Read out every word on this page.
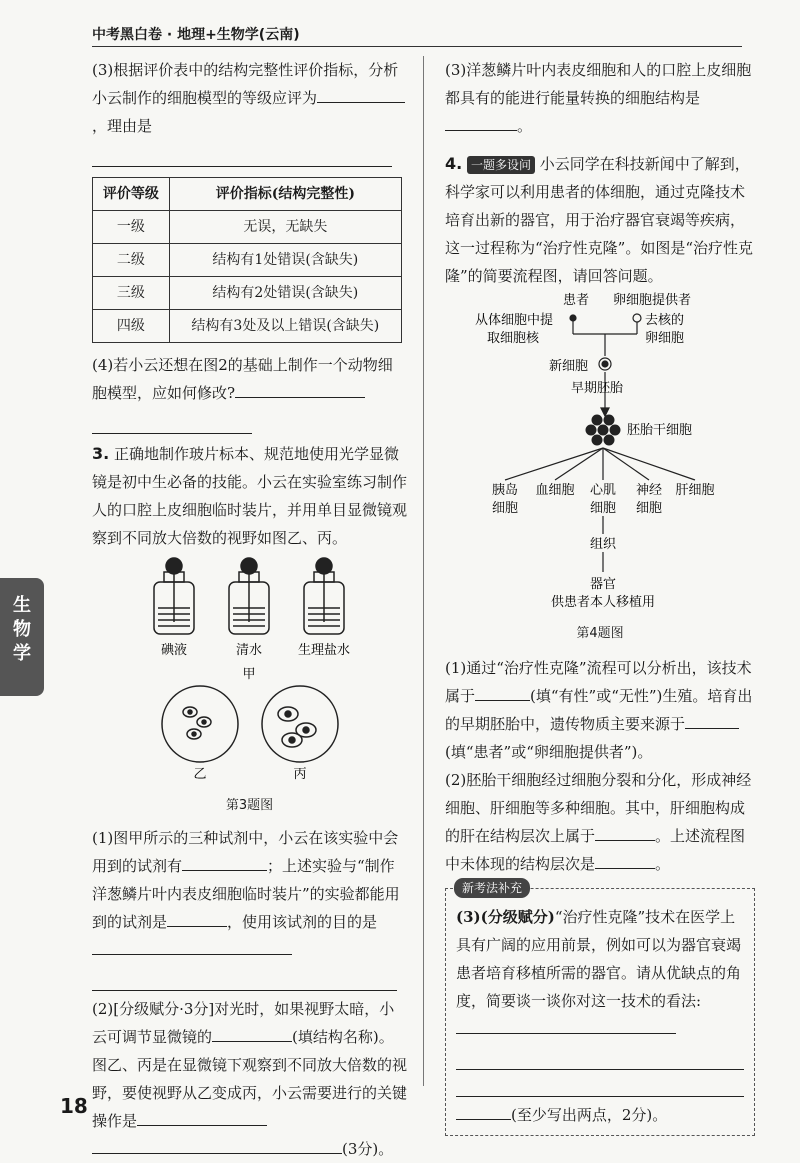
中考黑白卷 · 地理+生物学(云南)
生
物
学

(3)根据评价表中的结构完整性评价指标，分析小云制作的细胞模型的等级应评为，理由是

评价等级	评价指标(结构完整性)
一级	无误，无缺失
二级	结构有1处错误(含缺失)
三级	结构有2处错误(含缺失)
四级	结构有3处及以上错误(含缺失)

(4)若小云还想在图2的基础上制作一个动物细胞模型，应如何修改?

3. 正确地制作玻片标本、规范地使用光学显微镜是初中生必备的技能。小云在实验室练习制作人的口腔上皮细胞临时装片，并用单目显微镜观察到不同放大倍数的视野如图乙、丙。

碘液	清水	生理盐水
甲
乙	丙
第3题图

(1)图甲所示的三种试剂中，小云在该实验中会用到的试剂有	；上述实验与“制作洋葱鳞片叶内表皮细胞临时装片”的实验都能用到的试剂是	，使用该试剂的目的是

(2)[分级赋分·3分]对光时，如果视野太暗，小云可调节显微镜的	(填结构名称)。图乙、丙是在显微镜下观察到不同放大倍数的视野，要使视野从乙变成丙，小云需要进行的关键操作是

(3分)。

(3)洋葱鳞片叶内表皮细胞和人的口腔上皮细胞都具有的能进行能量转换的细胞结构是。

4. 一题多设问 小云同学在科技新闻中了解到，科学家可以利用患者的体细胞，通过克隆技术培育出新的器官，用于治疗器官衰竭等疾病，这一过程称为“治疗性克隆”。如图是“治疗性克隆”的简要流程图，请回答问题。

患者 卵细胞提供者
从体细胞中提
取细胞核
去核的
卵细胞
新细胞
早期胚胎
胚胎干细胞
胰岛
细胞
血细胞 心肌
细胞
神经
细胞
肝细胞
组织
器官
供患者本人移植用
第4题图

(1)通过“治疗性克隆”流程可以分析出，该技术属于	(填“有性”或“无性”)生殖。培育出的早期胚胎中，遗传物质主要来源于(填“患者”或“卵细胞提供者”)。

(2)胚胎干细胞经过细胞分裂和分化，形成神经细胞、肝细胞等多种细胞。其中，肝细胞构成的肝在结构层次上属于	。上述流程图中未体现的结构层次是	。

新考法补充

(3)(分级赋分)“治疗性克隆”技术在医学上具有广阔的应用前景，例如可以为器官衰竭患者培育移植所需的器官。请从优缺点的角度，简要谈一谈你对这一技术的看法:

(至少写出两点，2分)。

18
